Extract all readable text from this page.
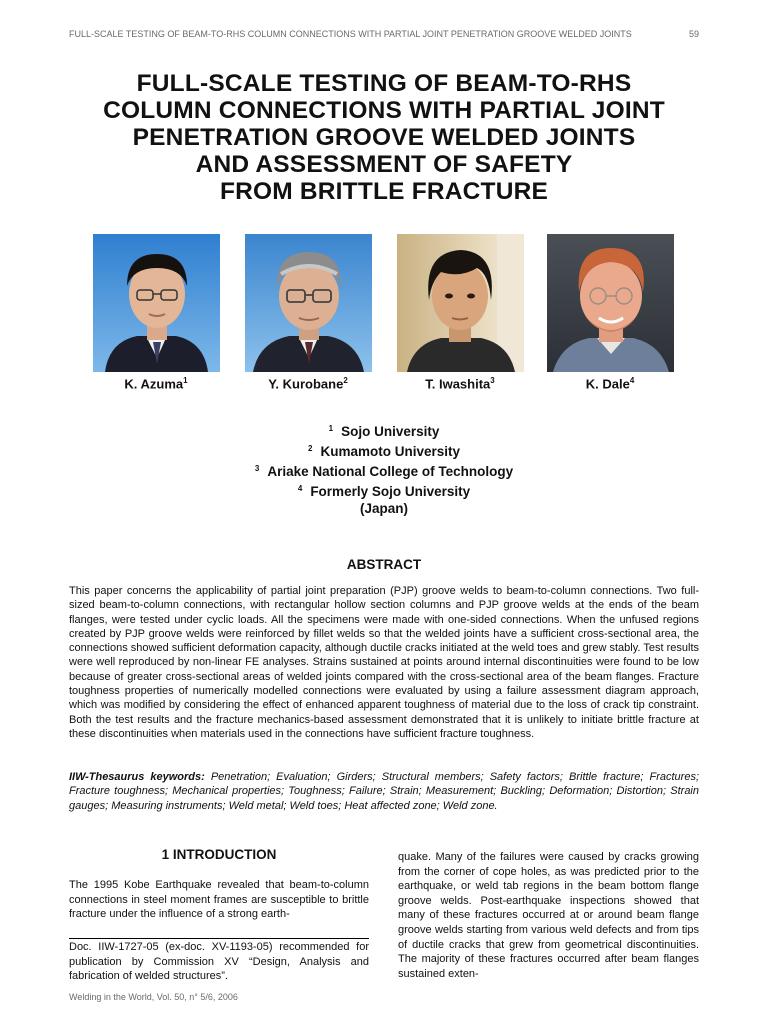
FULL-SCALE TESTING OF BEAM-TO-RHS COLUMN CONNECTIONS WITH PARTIAL JOINT PENETRATION GROOVE WELDED JOINTS	59
FULL-SCALE TESTING OF BEAM-TO-RHS
COLUMN CONNECTIONS WITH PARTIAL JOINT
PENETRATION GROOVE WELDED JOINTS
AND ASSESSMENT OF SAFETY
FROM BRITTLE FRACTURE
K. Azuma$^1$	Y. Kurobane$^2$	T. Iwashita$^3$	K. Dale$^4$
$^1$ Sojo University
$^2$ Kumamoto University
$^3$ Ariake National College of Technology
$^4$ Formerly Sojo University
(Japan)
ABSTRACT
This paper concerns the applicability of partial joint preparation (PJP) groove welds to beam-to-column connections. Two full-sized beam-to-column connections, with rectangular hollow section columns and PJP groove welds at the ends of the beam flanges, were tested under cyclic loads. All the specimens were made with one-sided connections. When the unfused regions created by PJP groove welds were reinforced by fillet welds so that the welded joints have a sufficient cross-sectional area, the connections showed sufficient deformation capacity, although ductile cracks initiated at the weld toes and grew stably. Test results were well reproduced by non-linear FE analyses. Strains sustained at points around internal discontinuities were found to be low because of greater cross-sectional areas of welded joints compared with the cross-sectional area of the beam flanges. Fracture toughness properties of numerically modelled connections were evaluated by using a failure assessment diagram approach, which was modified by considering the effect of enhanced apparent toughness of material due to the loss of crack tip constraint. Both the test results and the fracture mechanics-based assessment demonstrated that it is unlikely to initiate brittle fracture at these discontinuities when materials used in the connections have sufficient fracture toughness.
IIW-Thesaurus keywords: Penetration; Evaluation; Girders; Structural members; Safety factors; Brittle fracture; Fractures; Fracture toughness; Mechanical properties; Toughness; Failure; Strain; Measurement; Buckling; Deformation; Distortion; Strain gauges; Measuring instruments; Weld metal; Weld toes; Heat affected zone; Weld zone.
1 INTRODUCTION
The 1995 Kobe Earthquake revealed that beam-to-column connections in steel moment frames are susceptible to brittle fracture under the influence of a strong earth-
Doc. IIW-1727-05 (ex-doc. XV-1193-05) recommended for publication by Commission XV “Design, Analysis and fabrication of welded structures”.
quake. Many of the failures were caused by cracks growing from the corner of cope holes, as was predicted prior to the earthquake, or weld tab regions in the beam bottom flange groove welds. Post-earthquake inspections showed that many of these fractures occurred at or around beam flange groove welds starting from various weld defects and from tips of ductile cracks that grew from geometrical discontinuities. The majority of these fractures occurred after beam flanges sustained exten-
Welding in the World, Vol. 50, n° 5/6, 2006
